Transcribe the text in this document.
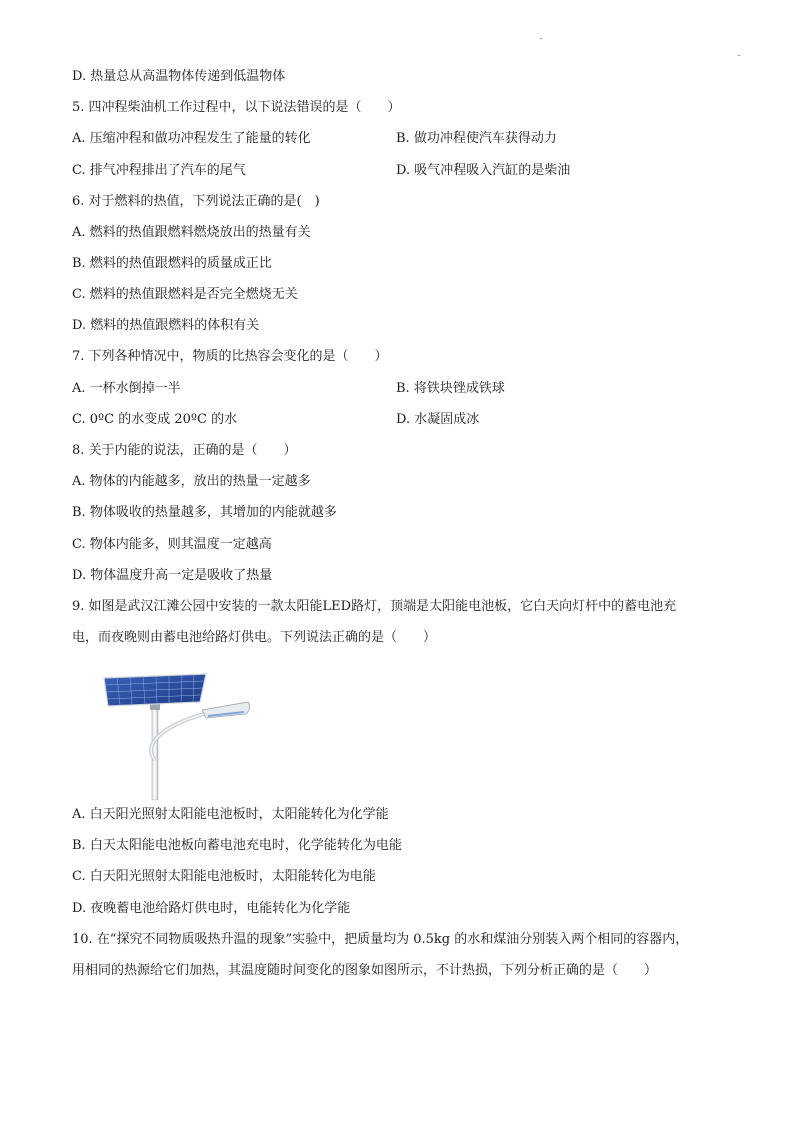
D. 热量总从高温物体传递到低温物体
5. 四冲程柴油机工作过程中，以下说法错误的是（　　）
A. 压缩冲程和做功冲程发生了能量的转化	B. 做功冲程使汽车获得动力
C. 排气冲程排出了汽车的尾气	D. 吸气冲程吸入汽缸的是柴油
6. 对于燃料的热值，下列说法正确的是(　)
A. 燃料的热值跟燃料燃烧放出的热量有关
B. 燃料的热值跟燃料的质量成正比
C. 燃料的热值跟燃料是否完全燃烧无关
D. 燃料的热值跟燃料的体积有关
7. 下列各种情况中，物质的比热容会变化的是（　　）
A. 一杯水倒掉一半	B. 将铁块锉成铁球
C. 0ºC 的水变成 20ºC 的水	D. 水凝固成冰
8. 关于内能的说法，正确的是（　　）
A. 物体的内能越多，放出的热量一定越多
B. 物体吸收的热量越多，其增加的内能就越多
C. 物体内能多，则其温度一定越高
D. 物体温度升高一定是吸收了热量
9. 如图是武汉江滩公园中安装的一款太阳能LED路灯，顶端是太阳能电池板，它白天向灯杆中的蓄电池充
电，而夜晚则由蓄电池给路灯供电。下列说法正确的是（　　）
A. 白天阳光照射太阳能电池板时，太阳能转化为化学能
B. 白天太阳能电池板向蓄电池充电时，化学能转化为电能
C. 白天阳光照射太阳能电池板时，太阳能转化为电能
D. 夜晚蓄电池给路灯供电时，电能转化为化学能
10. 在“探究不同物质吸热升温的现象”实验中，把质量均为 0.5kg 的水和煤油分别装入两个相同的容器内，
用相同的热源给它们加热，其温度随时间变化的图象如图所示，不计热损，下列分析正确的是（　　）
